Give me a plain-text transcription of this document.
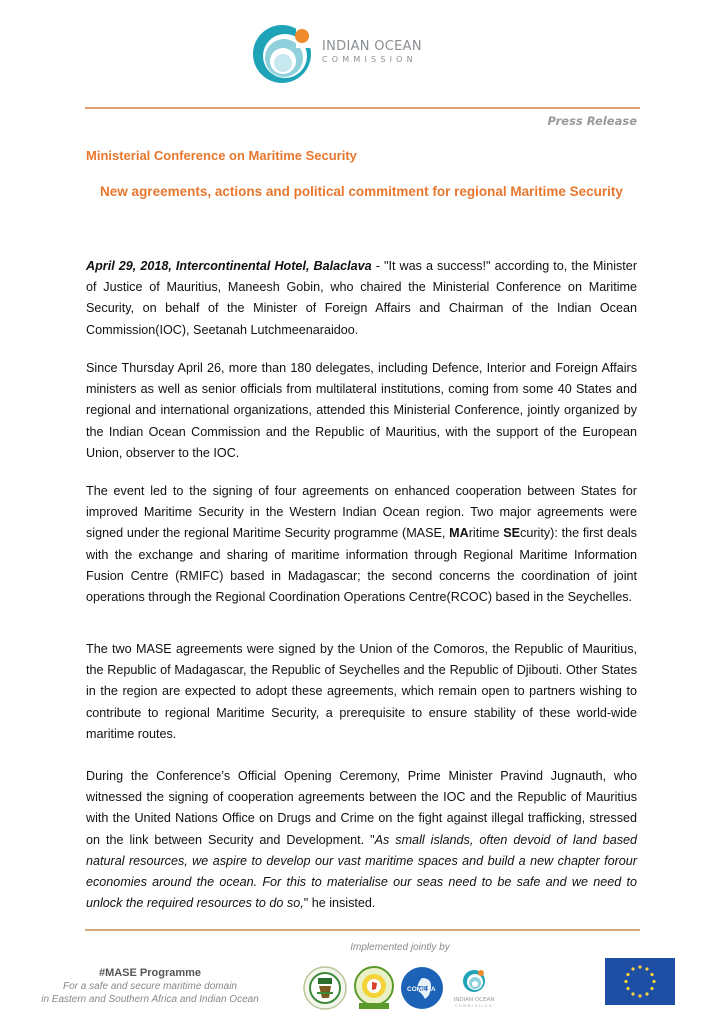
INDIAN OCEAN
COMMISSION
Press Release
Ministerial Conference on Maritime Security
New agreements, actions and political commitment for regional Maritime Security
April 29, 2018, Intercontinental Hotel, Balaclava - "It was a success!" according to, the Minister of Justice of Mauritius, Maneesh Gobin, who chaired the Ministerial Conference on Maritime Security, on behalf of the Minister of Foreign Affairs and Chairman of the Indian Ocean Commission(IOC), Seetanah Lutchmeenaraidoo.
Since Thursday April 26, more than 180 delegates, including Defence, Interior and Foreign Affairs ministers as well as senior officials from multilateral institutions, coming from some 40 States and regional and international organizations, attended this Ministerial Conference, jointly organized by the Indian Ocean Commission and the Republic of Mauritius, with the support of the European Union, observer to the IOC.
The event led to the signing of four agreements on enhanced cooperation between States for improved Maritime Security in the Western Indian Ocean region. Two major agreements were signed under the regional Maritime Security programme (MASE, MAritime SEcurity): the first deals with the exchange and sharing of maritime information through Regional Maritime Information Fusion Centre (RMIFC) based in Madagascar; the second concerns the coordination of joint operations through the Regional Coordination Operations Centre(RCOC) based in the Seychelles.
The two MASE agreements were signed by the Union of the Comoros, the Republic of Mauritius, the Republic of Madagascar, the Republic of Seychelles and the Republic of Djibouti. Other States in the region are expected to adopt these agreements, which remain open to partners wishing to contribute to regional Maritime Security, a prerequisite to ensure stability of these world-wide maritime routes.
During the Conference’s Official Opening Ceremony, Prime Minister Pravind Jugnauth, who witnessed the signing of cooperation agreements between the IOC and the Republic of Mauritius with the United Nations Office on Drugs and Crime on the fight against illegal trafficking, stressed on the link between Security and Development. "As small islands, often devoid of land based natural resources, we aspire to develop our vast maritime spaces and build a new chapter forour economies around the ocean. For this to materialise our seas need to be safe and we need to unlock the required resources to do so," he insisted.
#MASE Programme
For a safe and secure maritime domain
in Eastern and Southern Africa and Indian Ocean
Implemented jointly by
COMESA
INDIAN OCEAN
COMMISSION
